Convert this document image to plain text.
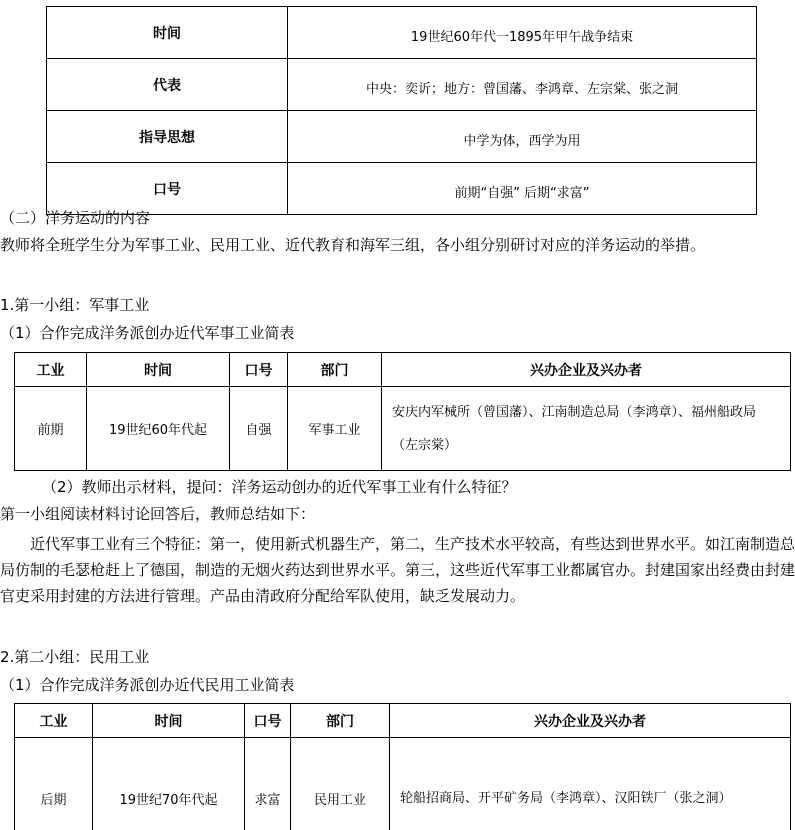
时间	19世纪60年代一1895年甲午战争结束
代表	中央：奕䜣；地方：曾国藩、李鸿章、左宗棠、张之洞
指导思想	中学为体，西学为用
口号	前期“自强” 后期“求富”
（二）洋务运动的内容
教师将全班学生分为军事工业、民用工业、近代教育和海军三组，各小组分别研讨对应的洋务运动的举措。
1.第一小组：军事工业
（1）合作完成洋务派创办近代军事工业简表
工业	时间	口号	部门	兴办企业及兴办者
前期	19世纪60年代起	自强	军事工业	安庆内军械所（曾国藩）、江南制造总局（李鸿章）、福州船政局（左宗棠）
（2）教师出示材料，提问：洋务运动创办的近代军事工业有什么特征？
第一小组阅读材料讨论回答后，教师总结如下：
近代军事工业有三个特征：第一，使用新式机器生产，第二，生产技术水平较高，有些达到世界水平。如江南制造总局仿制的毛瑟枪赶上了德国，制造的无烟火药达到世界水平。第三，这些近代军事工业都属官办。封建国家出经费由封建官吏采用封建的方法进行管理。产品由清政府分配给军队使用，缺乏发展动力。
2.第二小组：民用工业
（1）合作完成洋务派创办近代民用工业简表
工业	时间	口号	部门	兴办企业及兴办者
后期	19世纪70年代起	求富	民用工业	轮船招商局、开平矿务局（李鸿章）、汉阳铁厂（张之洞）
